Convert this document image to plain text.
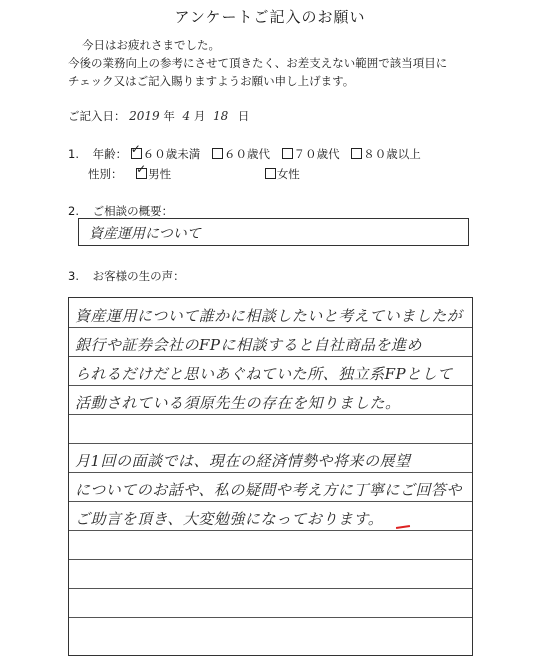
アンケートご記入のお願い
今日はお疲れさまでした。
今後の業務向上の参考にさせて頂きたく、お差支えない範囲で該当項目に
チェック又はご記入賜りますようお願い申し上げます。
ご記入日： 2019 年 4 月 18 日
1. 年齢： ✓ ６０歳未満 ６０歳代 ７０歳代 ８０歳以上
性別： ✓ 男性	女性
2. ご相談の概要：
資産運用について
3. お客様の生の声：
資産運用について誰かに相談したいと考えていましたが
銀行や証券会社のFPに相談すると自社商品を進め
られるだけだと思いあぐねていた所、独立系FPとして
活動されている須原先生の存在を知りました。
月1回の面談では、現在の経済情勢や将来の展望
についてのお話や、私の疑問や考え方に丁寧にご回答や
ご助言を頂き、大変勉強になっております。
